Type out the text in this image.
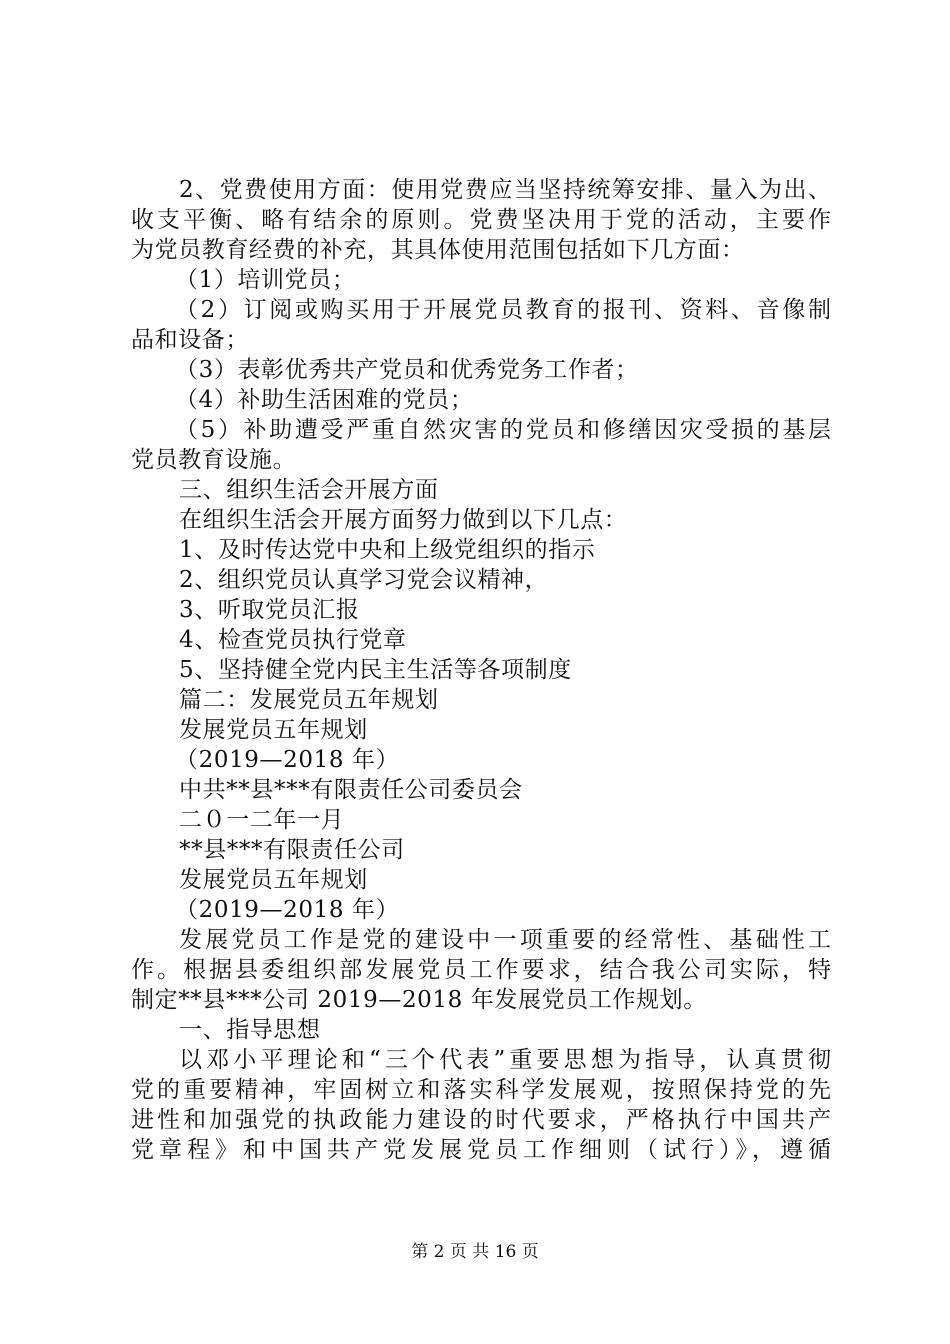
2、党费使用方面：使用党费应当坚持统筹安排、量入为出、
收支平衡、略有结余的原则。党费坚决用于党的活动，主要作
为党员教育经费的补充，其具体使用范围包括如下几方面：
（1）培训党员；
（2）订阅或购买用于开展党员教育的报刊、资料、音像制
品和设备；
（3）表彰优秀共产党员和优秀党务工作者；
（4）补助生活困难的党员；
（5）补助遭受严重自然灾害的党员和修缮因灾受损的基层
党员教育设施。
三、组织生活会开展方面
在组织生活会开展方面努力做到以下几点：
1、及时传达党中央和上级党组织的指示
2、组织党员认真学习党会议精神，
3、听取党员汇报
4、检查党员执行党章
5、坚持健全党内民主生活等各项制度
篇二：发展党员五年规划
发展党员五年规划
（2019—2018 年）
中共**县***有限责任公司委员会
二０一二年一月
**县***有限责任公司
发展党员五年规划
（2019—2018 年）
发展党员工作是党的建设中一项重要的经常性、基础性工
作。根据县委组织部发展党员工作要求，结合我公司实际，特
制定**县***公司 2019—2018 年发展党员工作规划。
一、指导思想
以邓小平理论和“三个代表”重要思想为指导，认真贯彻
党的重要精神，牢固树立和落实科学发展观，按照保持党的先
进性和加强党的执政能力建设的时代要求，严格执行中国共产
党章程》和中国共产党发展党员工作细则（试行）》，遵循
第 2 页 共 16 页
